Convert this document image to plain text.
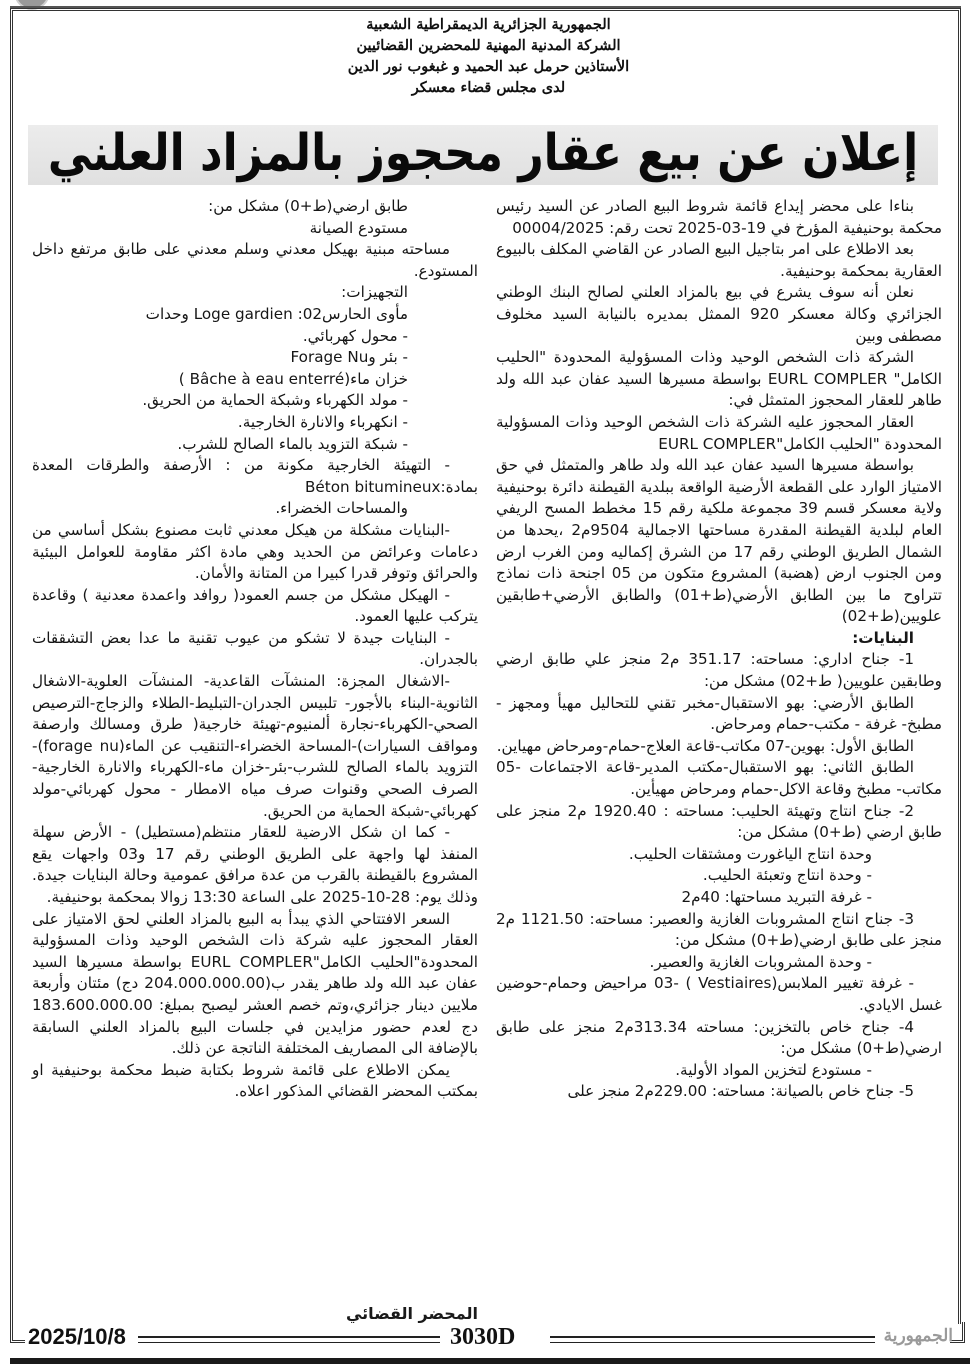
الجمهورية الجزائرية الديمقراطية الشعبية
الشركة المدنية المهنية للمحضرين القضائيين
الأستاذين حرمل عبد الحميد و غبغوب نور الدين
لدى مجلس قضاء معسكر
إعلان عن بيع عقار محجوز بالمزاد العلني

بناءا على محضر إيداع قائمة شروط البيع الصادر عن السيد رئيس محكمة بوحنيفية المؤرخ في 19-03-2025 تحت رقم: 00004/2025

بعد الاطلاع على امر بتاجيل البيع الصادر عن القاضي المكلف بالبيوع العقارية بمحكمة بوحنيفية.

نعلن أنه سوف يشرع في بيع بالمزاد العلني لصالح البنك الوطني الجزائري وكالة معسكر 920 الممثل بمديره بالنيابة السيد مخلوف مصطفى وبين

الشركة ذات الشخص الوحيد وذات المسؤولية المحدودة "الحليب الكامل" EURL COMPLER بواسطة مسيرها السيد عفان عبد الله ولد طاهر للعقار المحجوز المتمثل في:

العقار المحجوز عليه الشركة ذات الشخص الوحيد وذات المسؤولية المحدودة "الحليب الكامل"EURL COMPLER

بواسطة مسيرها السيد عفان عبد الله ولد طاهر والمتمثل في حق الامتياز الوارد على القطعة الأرضية الواقعة ببلدية القيطنة دائرة بوحنيفية ولاية معسكر قسم 39 مجموعة ملكية رقم 15 مخطط المسح الريفي العام لبلدية القيطنة المقدرة مساحتها الاجمالية 9504م2 ،يحدها من الشمال الطريق الوطني رقم 17 من الشرق إكماليه ومن الغرب ارض ومن الجنوب ارض (هضبة) المشروع متكون من 05 اجنحة ذات نماذج تتراوح ما بين الطابق الأرضي(ط+01) والطابق الأرضي+طابقين علويين(ط+02)

البنايات:

1- جناح اداري: مساحته: 351.17 م2 منجز علي طابق ارضي وطابقين علويين( ط+02) مشكل من:

الطابق الأرضي: بهو الاستقبال-مخبر تقني للتحاليل مهيأ ومجهز - مطبخ- غرفة - مكتب-حمام ومرحاض.

الطابق الأول: بهوين-07 مكاتب-قاعة العلاج-حمام-ومرحاض مهياين.

الطابق الثاني: بهو الاستقبال-مكتب المدير-قاعة الاجتماعات -05 مكاتب- مطبخ وقاعة الاكل-حمام ومرحاض مهيأين.

2- جناح انتاج وتهيئة الحليب: مساحته : 1920.40 م2 منجز على طابق ارضي (ط+0) مشكل من:

وحدة انتاج الياغورت ومشتقات الحليب.

- وحدة انتاج وتعبئة الحليب.

- غرفة التبريد مساحتها: 40م2

3- جناح انتاج المشروبات الغازية والعصير: مساحته: 1121.50 م2 منجز على طابق ارضي(ط+0) مشكل من:

- وحدة المشروبات الغازية والعصير.

- غرفة تغيير الملابس(Vestiaires ) -03 مراحيض وحمام-حوضين غسل الايادي.

4- جناح خاص بالتخزين: مساحته 313.34م2 منجز على طابق ارضي(ط+0) مشكل من:

- مستودع لتخزين المواد الأولية.

5- جناح خاص بالصيانة: مساحته: 229.00م2 منجز على

طابق ارضي(ط+0) مشكل من:

مستودع الصيانة

مساحته مبنية بهيكل معدني وسلم معدني على طابق مرتفع داخل المستودع.

التجهيزات:

مأوى الحارس02: Loge gardien وحدات

- محول كهربائي.

- بئر وForage Nu

خزان ماء(Bâche à eau enterré )

- مولد الكهرباء وشبكة الحماية من الحريق.

- انكهرباء والانارة الخارجية.

- شبكة التزويد بالماء الصالح للشرب.

- التهيئة الخارجية مكونة من : الأرصفة والطرقات المعدة بمادة:Béton bitumineux

والمساحات الخضراء.

-البنايات مشكلة من هيكل معدني ثابت مصنوع بشكل أساسي من دعامات وعرائض من الحديد وهي مادة اكثر مقاومة للعوامل البيئية والحرائق وتوفر قدرا كبيرا من المتانة والأمان.

- الهيكل مشكل من جسم العمود( روافد واعمدة معدنية ) وقاعدة يتركب عليها العمود.

- البنايات جيدة لا تشكو من عيوب تقنية ما عدا بعض التشققات بالجدران.

-الاشغال المجزة: المنشآت القاعدية- المنشآت العلوية-الاشغال الثانوية-البناء بالأجور- تلبيس الجدران-التبليط-الطلاء والزجاج-الترصيص الصحي-الكهرباء-نجارة ألمنيوم-تهيئة خارجية( طرق ومسالك وارصفة ومواقف السيارات)-المساحة الخضراء-التنقيب عن الماء(forage nu)-التزويد بالماء الصالح للشرب-بئر-خزان ماء-الكهرباء والانارة الخارجية- الصرف الصحي وقنوات صرف مياه الامطار - محول كهربائي-مولد كهربائي-شبكة الحماية من الحريق.

- كما ان شكل الارضية للعقار منتظم(مستطيل) - الأرض سهلة المنفذ لها واجهة على الطريق الوطني رقم 17 و03 واجهات يقع المشروع بالقيطنة بالقرب من عدة مرافق عمومية وحالة البنايات جيدة. وذلك يوم: 28-10-2025 على الساعة 13:30 زوالا بمحكمة بوحنيفية.

السعر الافتتاحي الذي يبدأ به البيع بالمزاد العلني لحق الامتياز على العقار المحجوز عليه شركة ذات الشخص الوحيد وذات المسؤولية المحدودة"الحليب الكامل"EURL COMPLER بواسطة مسيرها السيد عفان عبد الله ولد طاهر يقدر ب(204.000.000.00 دج) مئتان وأربعة ملايين دينار جزائري،وتم خصم العشر ليصبح بمبلغ: 183.600.000.00 دج لعدم حضور مزايدين في جلسات البيع بالمزاد العلني السابقة بالإضافة الى المصاريف المختلفة الناتجة عن ذلك.

يمكن الاطلاع على قائمة شروط بكتابة ضبط محكمة بوحنيفية او بمكتب المحضر القضائي المذكور اعلاه.

المحضر القضائي
2025/10/8	3030D	الجمهورية
